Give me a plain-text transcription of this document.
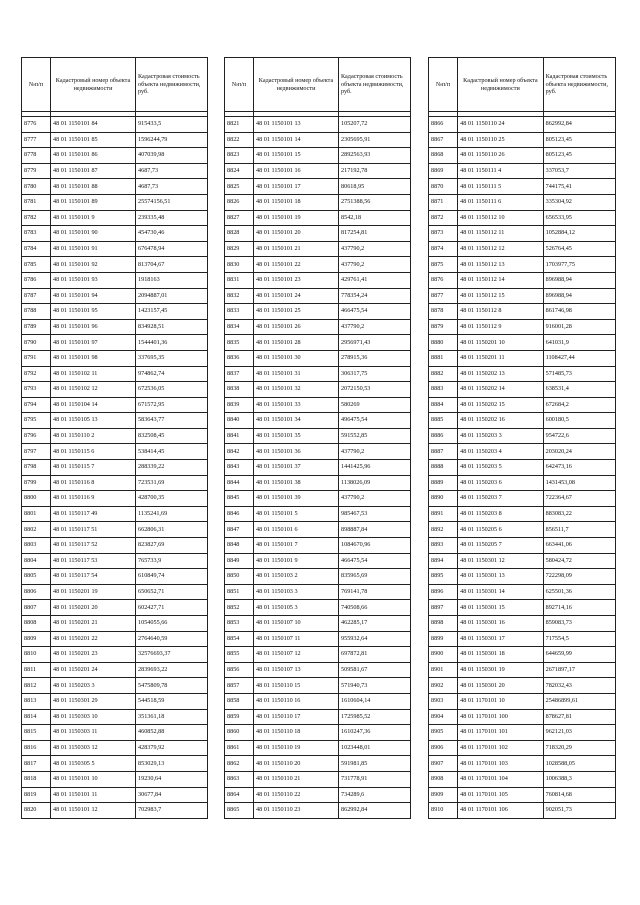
№п/п	Кадастровый номер объекта недвижимости	Кадастровая стоимость объекта недвижимости, руб.

8776	48 01 1150101 84	915433,5
8777	48 01 1150101 85	1596244,79
8778	48 01 1150101 86	407039,98
8779	48 01 1150101 87	4687,73
8780	48 01 1150101 88	4687,73
8781	48 01 1150101 89	25574156,51
8782	48 01 1150101 9	239335,48
8783	48 01 1150101 90	454730,46
8784	48 01 1150101 91	676478,94
8785	48 01 1150101 92	813704,67
8786	48 01 1150101 93	1918163
8787	48 01 1150101 94	2094887,01
8788	48 01 1150101 95	1423157,45
8789	48 01 1150101 96	834928,51
8790	48 01 1150101 97	1544401,36
8791	48 01 1150101 98	337695,35
8792	48 01 1150102 11	974862,74
8793	48 01 1150102 12	672536,05
8794	48 01 1150104 14	671572,95
8795	48 01 1150105 13	583643,77
8796	48 01 1150110 2	832508,45
8797	48 01 1150115 6	538414,45
8798	48 01 1150115 7	288339,22
8799	48 01 1150116 8	723531,69
8800	48 01 1150116 9	428700,35
8801	48 01 1150117 49	1135241,69
8802	48 01 1150117 51	662806,31
8803	48 01 1150117 52	823827,69
8804	48 01 1150117 53	765733,9
8805	48 01 1150117 54	610849,74
8806	48 01 1150201 19	650652,71
8807	48 01 1150201 20	602427,71
8808	48 01 1150201 21	1054055,66
8809	48 01 1150201 22	2764640,59
8810	48 01 1150201 23	32576693,37
8811	48 01 1150201 24	2839693,22
8812	48 01 1150203 3	5475809,78
8813	48 01 1150301 29	544518,59
8814	48 01 1150303 10	351361,18
8815	48 01 1150303 11	460852,88
8816	48 01 1150303 12	428379,92
8817	48 01 1150305 5	853029,13
8818	48 01 1150101 10	19230,64
8819	48 01 1150101 11	30677,84
8820	48 01 1150101 12	702983,7
№п/п	Кадастровый номер объекта недвижимости	Кадастровая стоимость объекта недвижимости, руб.

8821	48 01 1150101 13	105207,72
8822	48 01 1150101 14	2305695,91
8823	48 01 1150101 15	2892563,93
8824	48 01 1150101 16	217192,78
8825	48 01 1150101 17	80618,95
8826	48 01 1150101 18	2751388,56
8827	48 01 1150101 19	8542,18
8828	48 01 1150101 20	817254,81
8829	48 01 1150101 21	437790,2
8830	48 01 1150101 22	437790,2
8831	48 01 1150101 23	429761,41
8832	48 01 1150101 24	778354,24
8833	48 01 1150101 25	466475,54
8834	48 01 1150101 26	437790,2
8835	48 01 1150101 28	2956971,43
8836	48 01 1150101 30	278915,36
8837	48 01 1150101 31	306317,75
8838	48 01 1150101 32	2072150,53
8839	48 01 1150101 33	580269
8840	48 01 1150101 34	496475,54
8841	48 01 1150101 35	591552,85
8842	48 01 1150101 36	437790,2
8843	48 01 1150101 37	1441425,96
8844	48 01 1150101 38	1138026,09
8845	48 01 1150101 39	437790,2
8846	48 01 1150101 5	985467,53
8847	48 01 1150101 6	898887,84
8848	48 01 1150101 7	1084670,96
8849	48 01 1150101 9	466475,54
8850	48 01 1150103 2	835965,69
8851	48 01 1150103 3	769141,78
8852	48 01 1150105 3	740508,66
8853	48 01 1150107 10	462285,17
8854	48 01 1150107 11	955932,64
8855	48 01 1150107 12	697872,81
8856	48 01 1150107 13	509581,67
8857	48 01 1150110 15	571940,73
8858	48 01 1150110 16	1610604,14
8859	48 01 1150110 17	1725985,52
8860	48 01 1150110 18	1610247,36
8861	48 01 1150110 19	1023448,01
8862	48 01 1150110 20	591981,85
8863	48 01 1150110 21	731778,91
8864	48 01 1150110 22	734289,6
8865	48 01 1150110 23	862992,84
№п/п	Кадастровый номер объекта недвижимости	Кадастровая стоимость объекта недвижимости, руб.

8866	48 01 1150110 24	862992,84
8867	48 01 1150110 25	805123,45
8868	48 01 1150110 26	805123,45
8869	48 01 1150111 4	337053,7
8870	48 01 1150111 5	744175,41
8871	48 01 1150111 6	335304,92
8872	48 01 1150112 10	656533,95
8873	48 01 1150112 11	1052884,12
8874	48 01 1150112 12	526764,45
8875	48 01 1150112 13	1703977,75
8876	48 01 1150112 14	896988,94
8877	48 01 1150112 15	896988,94
8878	48 01 1150112 8	861746,98
8879	48 01 1150112 9	916001,28
8880	48 01 1150201 10	641031,9
8881	48 01 1150201 11	1108427,44
8882	48 01 1150202 13	571485,73
8883	48 01 1150202 14	638531,4
8884	48 01 1150202 15	672684,2
8885	48 01 1150202 16	600180,5
8886	48 01 1150203 3	954722,6
8887	48 01 1150203 4	203020,24
8888	48 01 1150203 5	642473,16
8889	48 01 1150203 6	1431453,08
8890	48 01 1150203 7	722364,67
8891	48 01 1150203 8	883083,22
8892	48 01 1150205 6	856511,7
8893	48 01 1150205 7	663441,06
8894	48 01 1150301 12	580424,72
8895	48 01 1150301 13	722298,09
8896	48 01 1150301 14	625501,36
8897	48 01 1150301 15	892714,16
8898	48 01 1150301 16	859083,73
8899	48 01 1150301 17	717554,5
8900	48 01 1150301 18	644659,99
8901	48 01 1150301 19	2671897,17
8902	48 01 1150301 20	782032,43
8903	48 01 1170101 10	25486899,61
8904	48 01 1170101 100	878627,81
8905	48 01 1170101 101	962121,03
8906	48 01 1170101 102	718320,29
8907	48 01 1170101 103	1028588,05
8908	48 01 1170101 104	1006388,3
8909	48 01 1170101 105	760814,68
8910	48 01 1170101 106	902051,73
